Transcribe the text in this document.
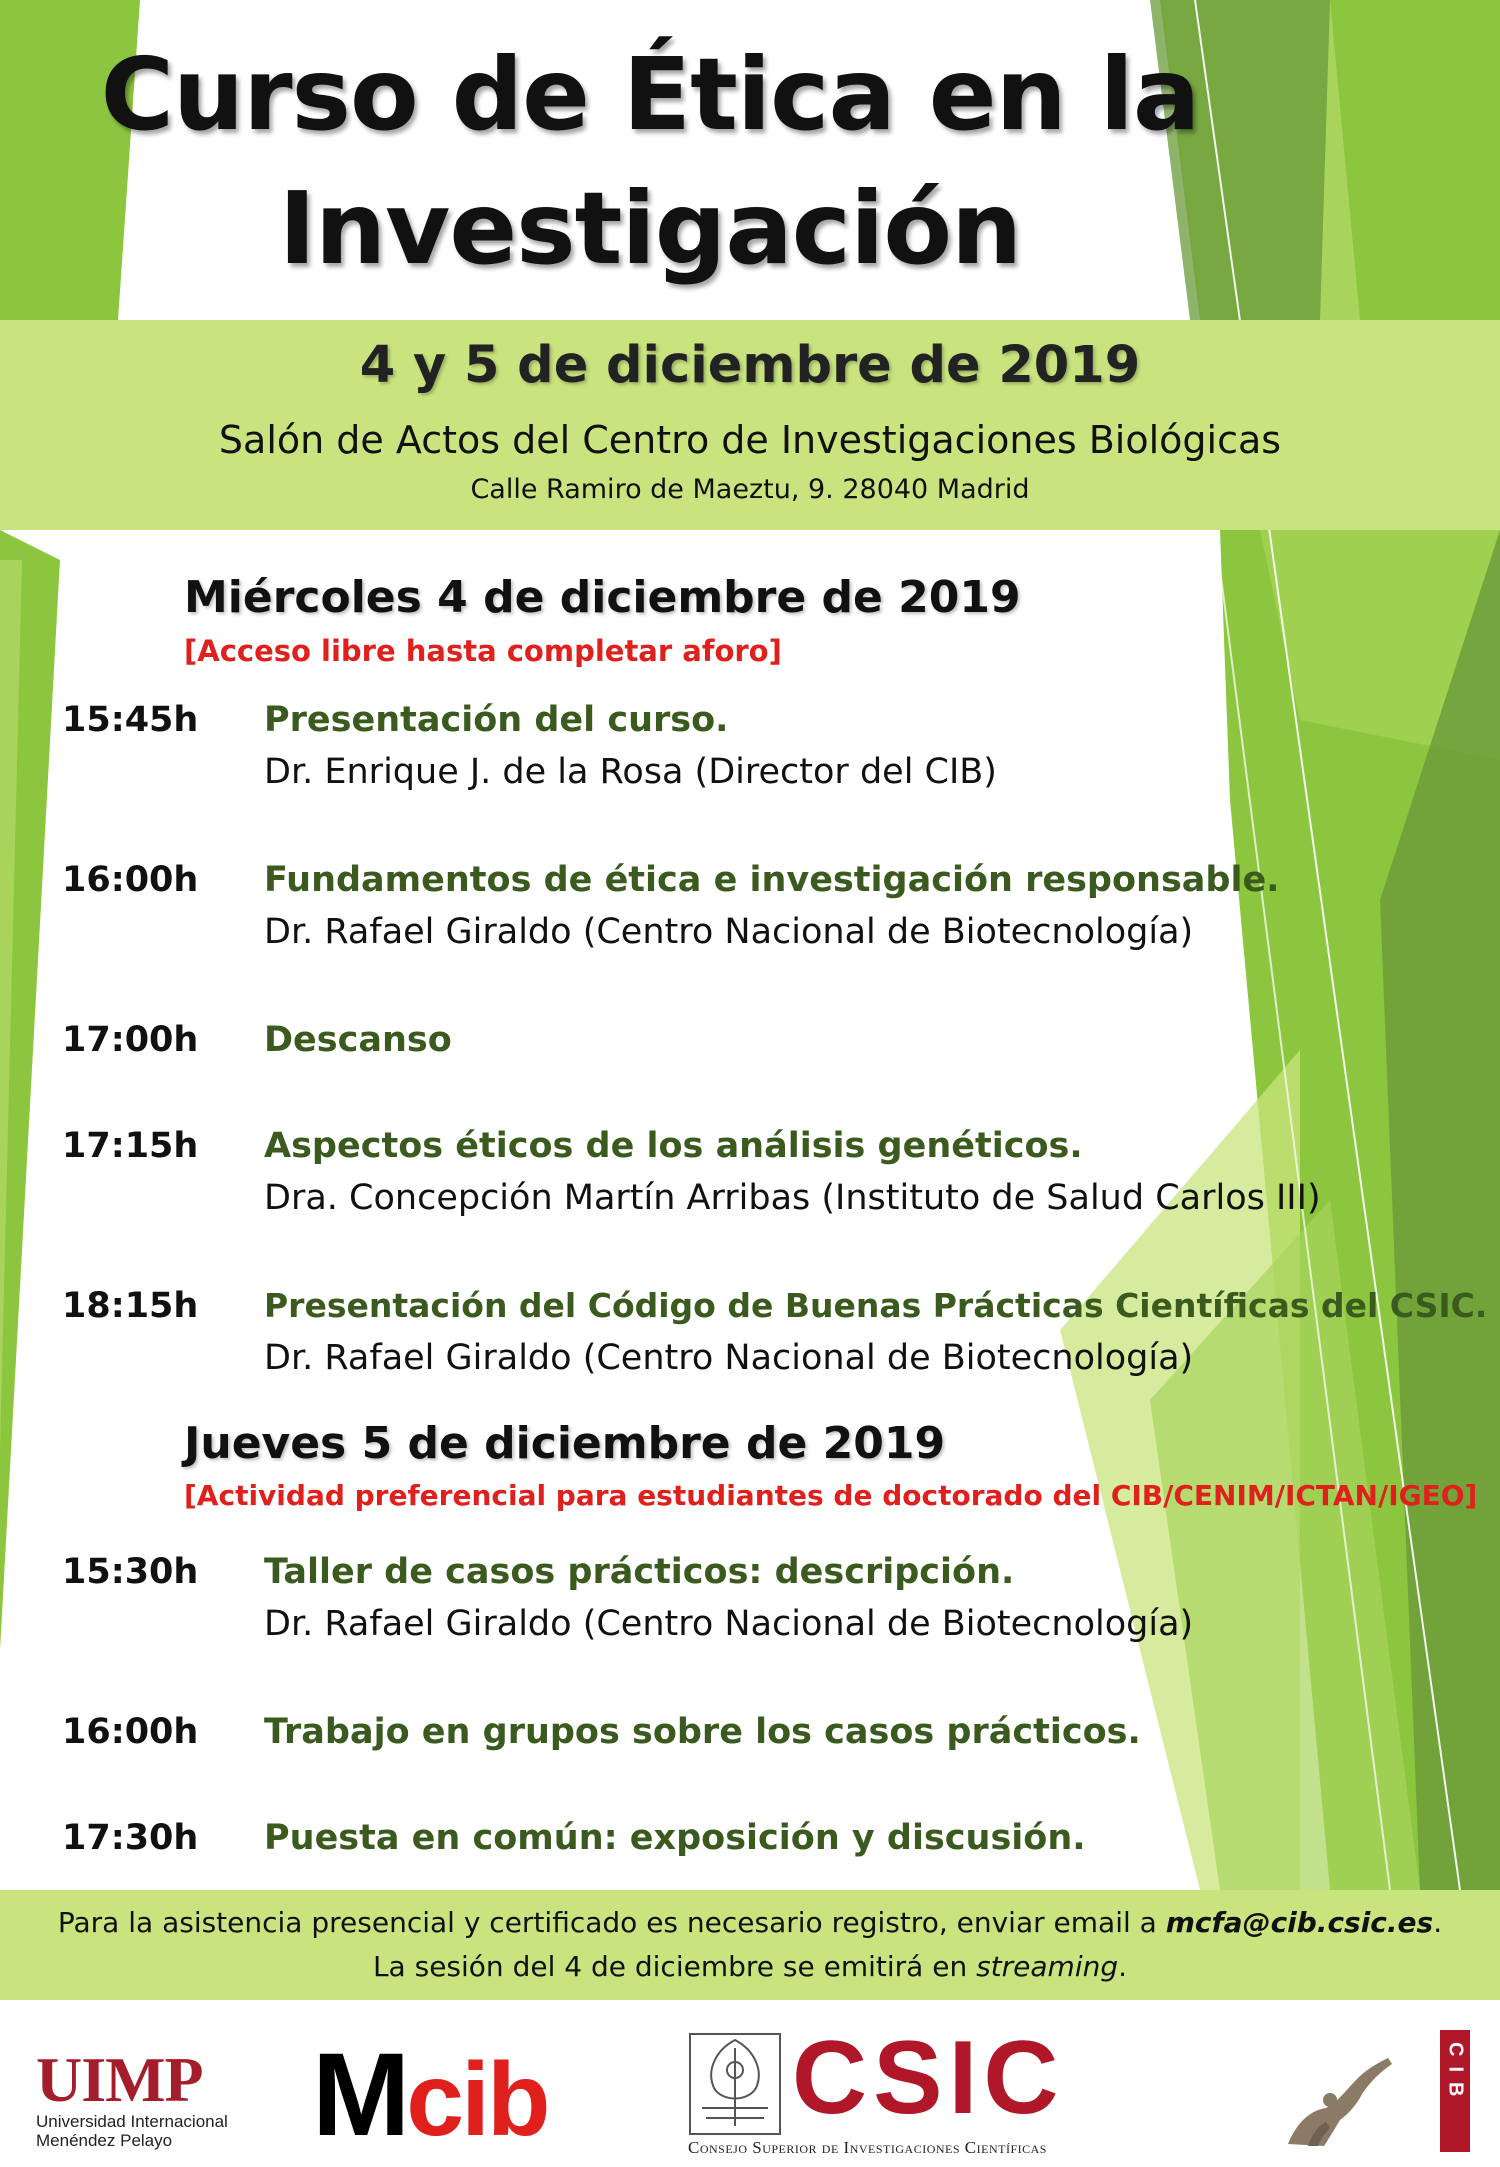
Curso de Ética en la
Investigación
4 y 5 de diciembre de 2019
Salón de Actos del Centro de Investigaciones Biológicas
Calle Ramiro de Maeztu, 9. 28040 Madrid
Miércoles 4 de diciembre de 2019
[Acceso libre hasta completar aforo]
15:45h Presentación del curso.
Dr. Enrique J. de la Rosa (Director del CIB)
16:00h Fundamentos de ética e investigación responsable.
Dr. Rafael Giraldo (Centro Nacional de Biotecnología)
17:00h Descanso
17:15h Aspectos éticos de los análisis genéticos.
Dra. Concepción Martín Arribas (Instituto de Salud Carlos III)
18:15h Presentación del Código de Buenas Prácticas Científicas del CSIC.
Dr. Rafael Giraldo (Centro Nacional de Biotecnología)
Jueves 5 de diciembre de 2019
[Actividad preferencial para estudiantes de doctorado del CIB/CENIM/ICTAN/IGEO]
15:30h Taller de casos prácticos: descripción.
Dr. Rafael Giraldo (Centro Nacional de Biotecnología)
16:00h Trabajo en grupos sobre los casos prácticos.
17:30h Puesta en común: exposición y discusión.
Para la asistencia presencial y certificado es necesario registro, enviar email a mcfa@cib.csic.es.
La sesión del 4 de diciembre se emitirá en streaming.
UIMP
Universidad Internacional
Menéndez Pelayo	Mcib	CSIC
Consejo Superior de Investigaciones Científicas
CIB
